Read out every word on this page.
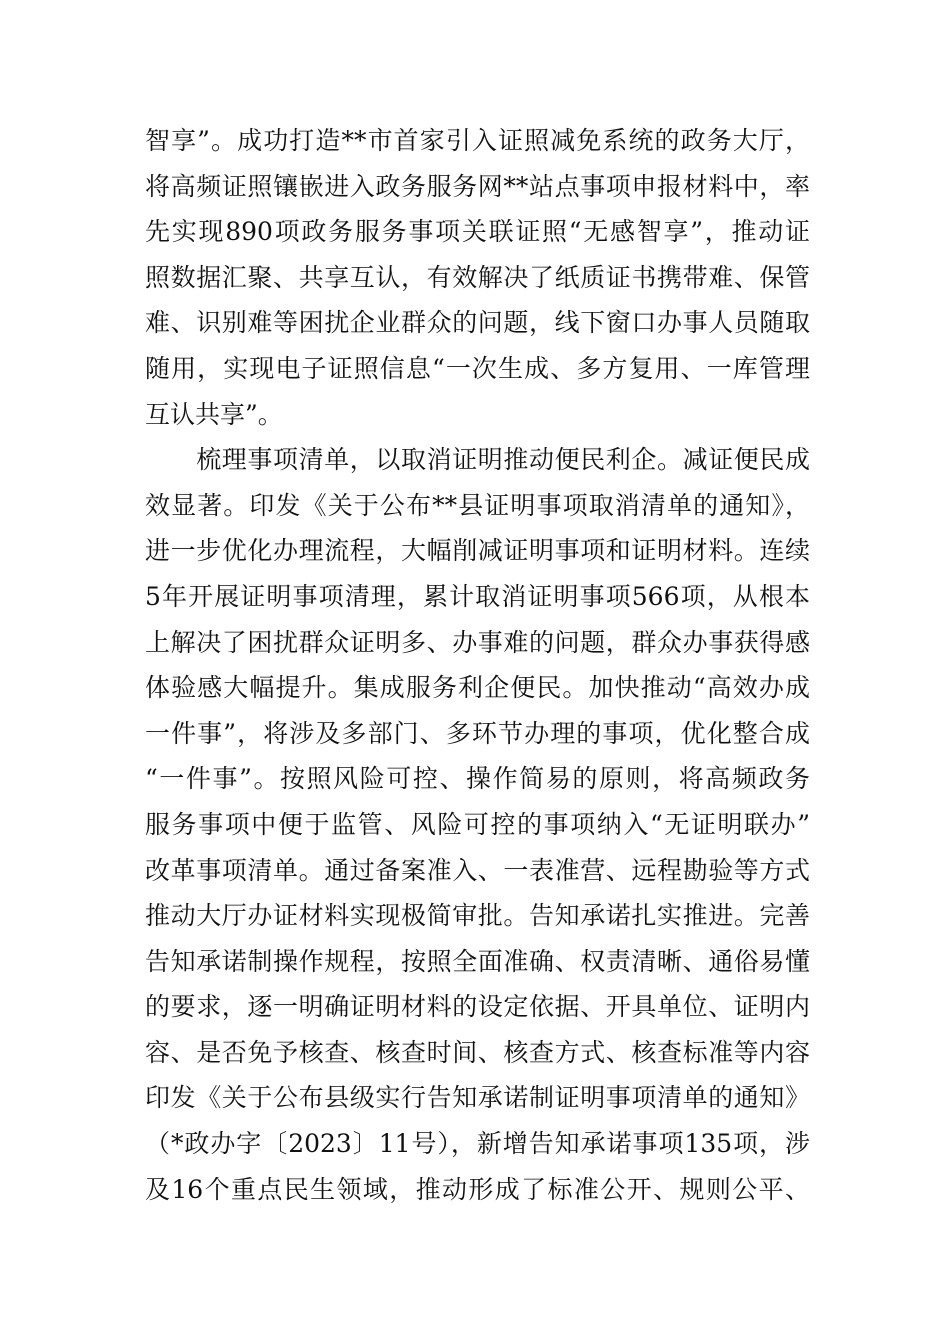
智享”。成功打造**市首家引入证照减免系统的政务大厅，
将高频证照镶嵌进入政务服务网**站点事项申报材料中，率
先实现890项政务服务事项关联证照“无感智享”，推动证
照数据汇聚、共享互认，有效解决了纸质证书携带难、保管
难、识别难等困扰企业群众的问题，线下窗口办事人员随取
随用，实现电子证照信息“一次生成、多方复用、一库管理
互认共享”。
　　梳理事项清单，以取消证明推动便民利企。减证便民成
效显著。印发《关于公布**县证明事项取消清单的通知》，
进一步优化办理流程，大幅削减证明事项和证明材料。连续
5年开展证明事项清理，累计取消证明事项566项，从根本
上解决了困扰群众证明多、办事难的问题，群众办事获得感
体验感大幅提升。集成服务利企便民。加快推动“高效办成
一件事”，将涉及多部门、多环节办理的事项，优化整合成
“一件事”。按照风险可控、操作简易的原则，将高频政务
服务事项中便于监管、风险可控的事项纳入“无证明联办”
改革事项清单。通过备案准入、一表准营、远程勘验等方式
推动大厅办证材料实现极简审批。告知承诺扎实推进。完善
告知承诺制操作规程，按照全面准确、权责清晰、通俗易懂
的要求，逐一明确证明材料的设定依据、开具单位、证明内
容、是否免予核查、核查时间、核查方式、核查标准等内容
印发《关于公布县级实行告知承诺制证明事项清单的通知》
（*政办字〔2023〕11号），新增告知承诺事项135项，涉
及16个重点民生领域，推动形成了标准公开、规则公平、
